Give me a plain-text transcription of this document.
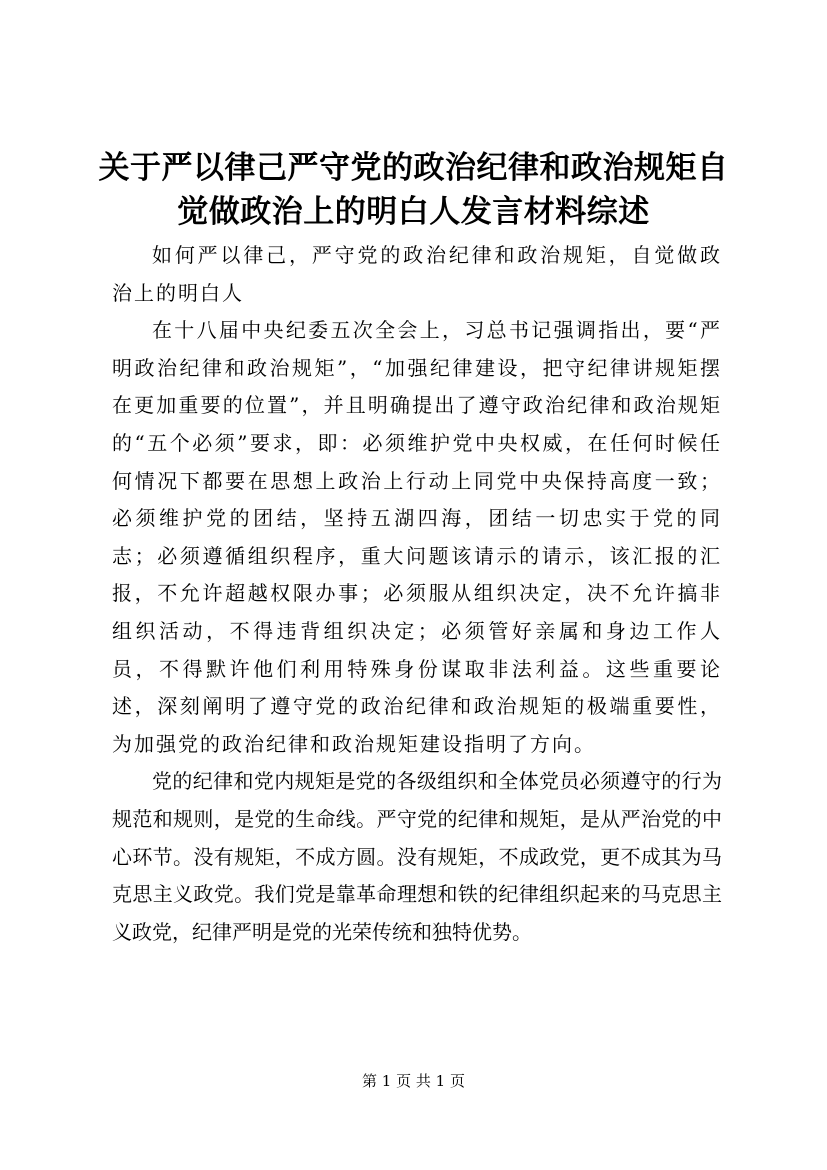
关于严以律己严守党的政治纪律和政治规矩自
觉做政治上的明白人发言材料综述

如何严以律己，严守党的政治纪律和政治规矩，自觉做政治上的明白人

在十八届中央纪委五次全会上，习总书记强调指出，要“严明政治纪律和政治规矩”，“加强纪律建设，把守纪律讲规矩摆在更加重要的位置”，并且明确提出了遵守政治纪律和政治规矩的“五个必须”要求，即：必须维护党中央权威，在任何时候任何情况下都要在思想上政治上行动上同党中央保持高度一致；必须维护党的团结，坚持五湖四海，团结一切忠实于党的同志；必须遵循组织程序，重大问题该请示的请示，该汇报的汇报，不允许超越权限办事；必须服从组织决定，决不允许搞非组织活动，不得违背组织决定；必须管好亲属和身边工作人员，不得默许他们利用特殊身份谋取非法利益。这些重要论述，深刻阐明了遵守党的政治纪律和政治规矩的极端重要性，为加强党的政治纪律和政治规矩建设指明了方向。

党的纪律和党内规矩是党的各级组织和全体党员必须遵守的行为规范和规则，是党的生命线。严守党的纪律和规矩，是从严治党的中心环节。没有规矩，不成方圆。没有规矩，不成政党，更不成其为马克思主义政党。我们党是靠革命理想和铁的纪律组织起来的马克思主义政党，纪律严明是党的光荣传统和独特优势。

第 1 页 共 1 页
